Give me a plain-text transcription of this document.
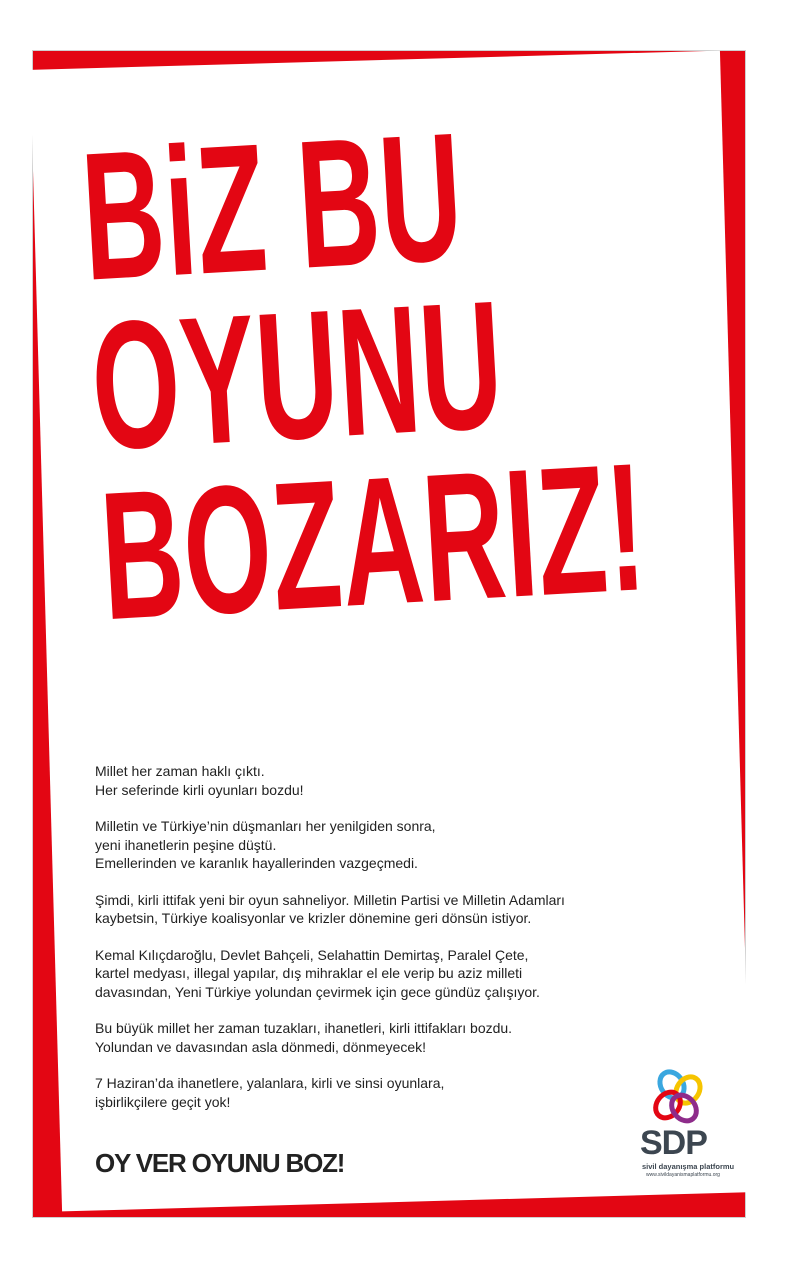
BiZ BU
OYUNU
BOZARIZ!

Millet her zaman haklı çıktı.
Her seferinde kirli oyunları bozdu!

Milletin ve Türkiye’nin düşmanları her yenilgiden sonra,
yeni ihanetlerin peşine düştü.
Emellerinden ve karanlık hayallerinden vazgeçmedi.

Şimdi, kirli ittifak yeni bir oyun sahneliyor. Milletin Partisi ve Milletin Adamları
kaybetsin, Türkiye koalisyonlar ve krizler dönemine geri dönsün istiyor.

Kemal Kılıçdaroğlu, Devlet Bahçeli, Selahattin Demirtaş, Paralel Çete,
kartel medyası, illegal yapılar, dış mihraklar el ele verip bu aziz milleti
davasından, Yeni Türkiye yolundan çevirmek için gece gündüz çalışıyor.

Bu büyük millet her zaman tuzakları, ihanetleri, kirli ittifakları bozdu.
Yolundan ve davasından asla dönmedi, dönmeyecek!

7 Haziran’da ihanetlere, yalanlara, kirli ve sinsi oyunlara,
işbirlikçilere geçit yok!

OY VER OYUNU BOZ!

SDP
sivil dayanışma platformu
www.sivildayanismaplatformu.org
